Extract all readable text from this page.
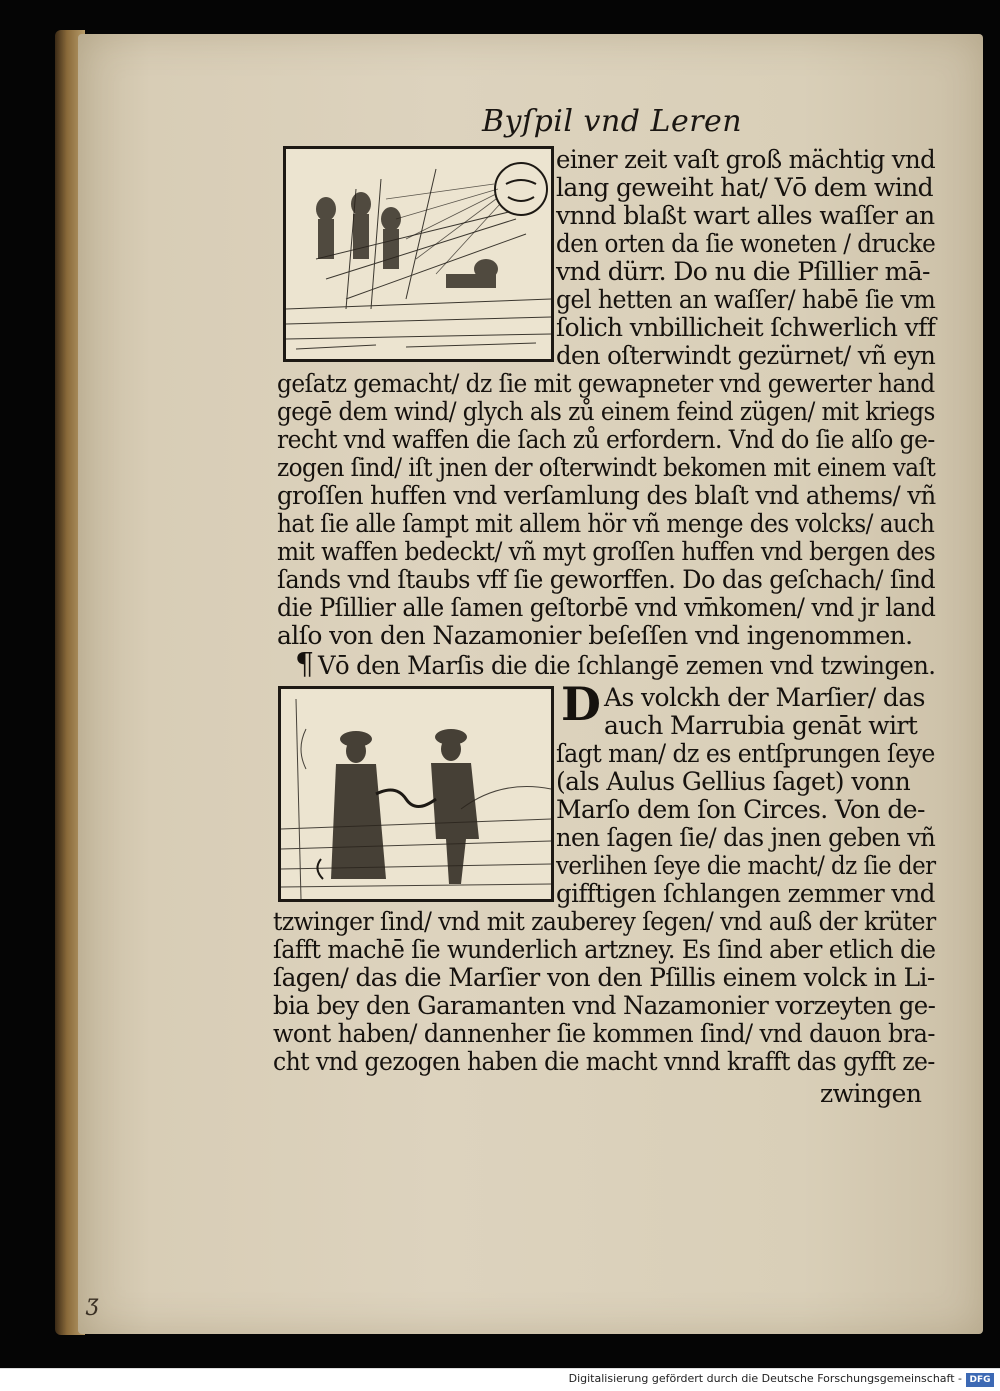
Byſpil vnd Leren
einer zeit vaſt groß mächtig vnd
lang geweiht hat/ Vō dem wind
vnnd blaßt wart alles waſſer an
den orten da ſie woneten / drucke
vnd dürr. Do nu die Pſillier mā-
gel hetten an waſſer/ habē ſie vm
ſolich vnbillicheit ſchwerlich vff
den oſterwindt gezürnet/ vñ eyn
geſatz gemacht/ dz ſie mit gewapneter vnd gewerter hand
gegē dem wind/ glych als zů einem feind zügen/ mit kriegs
recht vnd waffen die ſach zů erfordern. Vnd do ſie alſo ge-
zogen ſind/ iſt jnen der oſterwindt bekomen mit einem vaſt
groſſen huffen vnd verſamlung des blaſt vnd athems/ vñ
hat ſie alle ſampt mit allem hör vñ menge des volcks/ auch
mit waffen bedeckt/ vñ myt groſſen huffen vnd bergen des
ſands vnd ſtaubs vff ſie geworffen. Do das geſchach/ ſind
die Pſillier alle ſamen geſtorbē vnd vm̄komen/ vnd jr land
alſo von den Nazamonier beſeſſen vnd ingenommen.
¶ Vō den Marſis die die ſchlangē zemen vnd tzwingen.
D As volckh der Marſier/ das
auch Marrubia genāt wirt
ſagt man/ dz es entſprungen ſeye
(als Aulus Gellius ſaget) vonn
Marſo dem ſon Circes. Von de-
nen ſagen ſie/ das jnen geben vñ
verlihen ſeye die macht/ dz ſie der
gifftigen ſchlangen zemmer vnd
tzwinger ſind/ vnd mit zauberey ſegen/ vnd auß der krüter
ſafft machē ſie wunderlich artzney. Es ſind aber etlich die
ſagen/ das die Marſier von den Pſillis einem volck in Li-
bia bey den Garamanten vnd Nazamonier vorzeyten ge-
wont haben/ dannenher ſie kommen ſind/ vnd dauon bra-
cht vnd gezogen haben die macht vnnd krafft das gyfft ze-
zwingen
Ʒ
Digitalisierung gefördert durch die Deutsche Forschungsgemeinschaft - DFG
